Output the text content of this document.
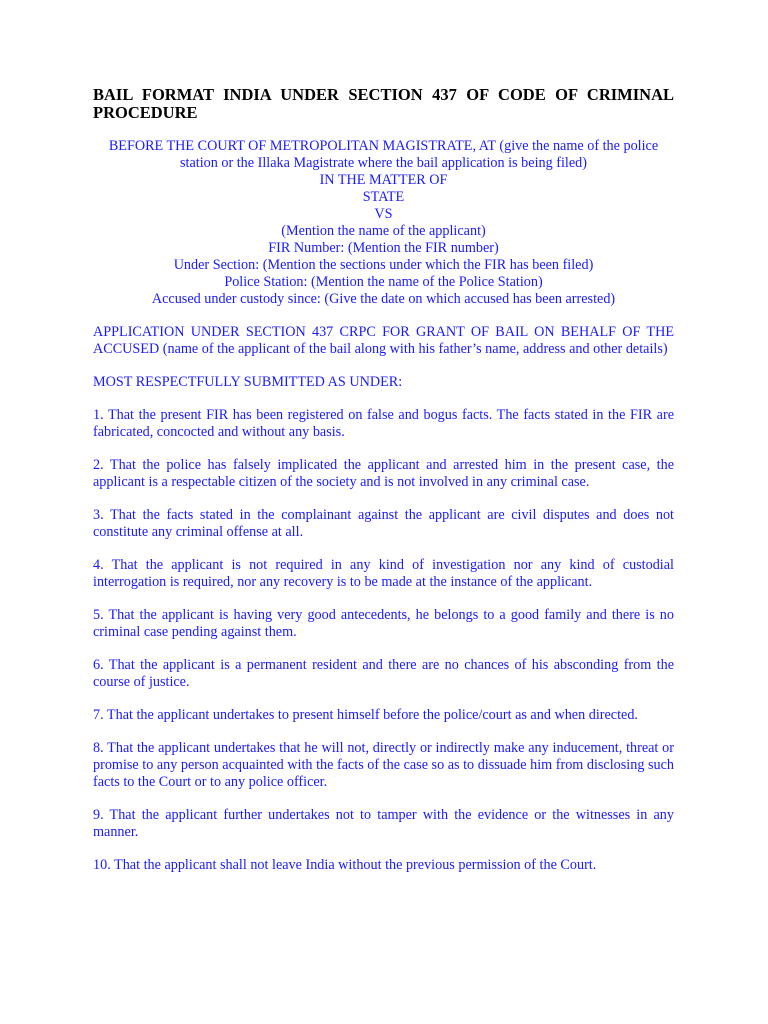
BAIL FORMAT INDIA UNDER SECTION 437 OF CODE OF CRIMINAL PROCEDURE
BEFORE THE COURT OF METROPOLITAN MAGISTRATE, AT (give the name of the police station or the Illaka Magistrate where the bail application is being filed)
IN THE MATTER OF
STATE
VS
(Mention the name of the applicant)
FIR Number: (Mention the FIR number)
Under Section: (Mention the sections under which the FIR has been filed)
Police Station: (Mention the name of the Police Station)
Accused under custody since: (Give the date on which accused has been arrested)
APPLICATION UNDER SECTION 437 CRPC FOR GRANT OF BAIL ON BEHALF OF THE ACCUSED (name of the applicant of the bail along with his father’s name, address and other details)
MOST RESPECTFULLY SUBMITTED AS UNDER:
1. That the present FIR has been registered on false and bogus facts. The facts stated in the FIR are fabricated, concocted and without any basis.
2. That the police has falsely implicated the applicant and arrested him in the present case, the applicant is a respectable citizen of the society and is not involved in any criminal case.
3. That the facts stated in the complainant against the applicant are civil disputes and does not constitute any criminal offense at all.
4. That the applicant is not required in any kind of investigation nor any kind of custodial interrogation is required, nor any recovery is to be made at the instance of the applicant.
5. That the applicant is having very good antecedents, he belongs to a good family and there is no criminal case pending against them.
6. That the applicant is a permanent resident and there are no chances of his absconding from the course of justice.
7. That the applicant undertakes to present himself before the police/court as and when directed.
8. That the applicant undertakes that he will not, directly or indirectly make any inducement, threat or promise to any person acquainted with the facts of the case so as to dissuade him from disclosing such facts to the Court or to any police officer.
9. That the applicant further undertakes not to tamper with the evidence or the witnesses in any manner.
10. That the applicant shall not leave India without the previous permission of the Court.
